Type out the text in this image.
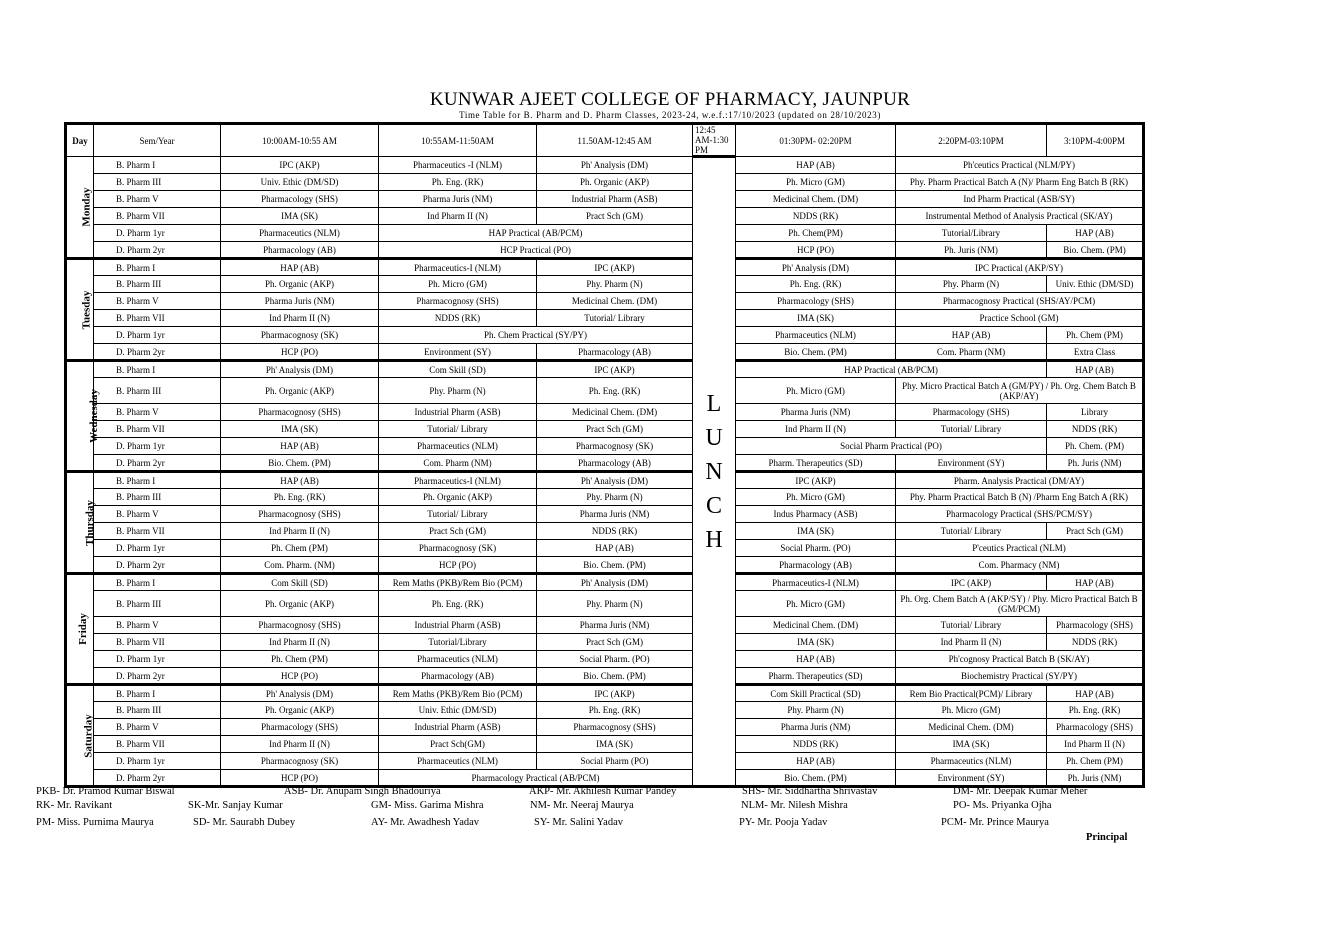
KUNWAR AJEET COLLEGE OF PHARMACY, JAUNPUR
Time Table for B. Pharm and D. Pharm Classes, 2023-24, w.e.f.:17/10/2023 (updated on 28/10/2023)
Day	Sem/Year	10:00AM-10:55 AM	10:55AM-11:50AM	11.50AM-12:45 AM	12:45 AM-1:30 PM	01:30PM- 02:20PM	2:20PM-03:10PM	3:10PM-4:00PM
Monday	B. Pharm I	IPC (AKP)	Pharmaceutics -I (NLM)	Ph' Analysis (DM)	LUNCH	HAP (AB)	Ph'ceutics Practical (NLM/PY)	
	B. Pharm III	Univ. Ethic (DM/SD)	Ph. Eng. (RK)	Ph. Organic (AKP)		Ph. Micro (GM)	Phy. Pharm Practical Batch A (N)/ Pharm Eng Batch B (RK)	
	B. Pharm V	Pharmacology (SHS)	Pharma Juris (NM)	Industrial Pharm (ASB)		Medicinal Chem. (DM)	Ind Pharm Practical (ASB/SY)	
	B. Pharm VII	IMA (SK)	Ind Pharm II (N)	Pract Sch (GM)		NDDS (RK)	Instrumental Method of Analysis Practical (SK/AY)	
	D. Pharm 1yr	Pharmaceutics (NLM)	HAP Practical (AB/PCM)			Ph. Chem(PM)	Tutorial/Library	HAP (AB)
	D. Pharm 2yr	Pharmacology (AB)	HCP Practical (PO)			HCP (PO)	Ph. Juris (NM)	Bio. Chem. (PM)
Tuesday	B. Pharm I	HAP (AB)	Pharmaceutics-I (NLM)	IPC (AKP)		Ph' Analysis (DM)	IPC Practical (AKP/SY)	
	B. Pharm III	Ph. Organic (AKP)	Ph. Micro (GM)	Phy. Pharm (N)		Ph. Eng. (RK)	Phy. Pharm (N)	Univ. Ethic (DM/SD)
	B. Pharm V	Pharma Juris (NM)	Pharmacognosy (SHS)	Medicinal Chem. (DM)		Pharmacology (SHS)	Pharmacognosy Practical (SHS/AY/PCM)	
	B. Pharm VII	Ind Pharm II (N)	NDDS (RK)	Tutorial/ Library		IMA (SK)	Practice School (GM)	
	D. Pharm 1yr	Pharmacognosy (SK)	Ph. Chem Practical (SY/PY)			Pharmaceutics (NLM)	HAP (AB)	Ph. Chem (PM)
	D. Pharm 2yr	HCP (PO)	Environment (SY)	Pharmacology (AB)		Bio. Chem. (PM)	Com. Pharm (NM)	Extra Class
Wednesday	B. Pharm I	Ph' Analysis (DM)	Com Skill (SD)	IPC (AKP)		HAP Practical (AB/PCM)		HAP (AB)
	B. Pharm III	Ph. Organic (AKP)	Phy. Pharm (N)	Ph. Eng. (RK)		Ph. Micro (GM)	Phy. Micro Practical Batch A (GM/PY) / Ph. Org. Chem Batch B (AKP/AY)	
	B. Pharm V	Pharmacognosy (SHS)	Industrial Pharm (ASB)	Medicinal Chem. (DM)		Pharma Juris (NM)	Pharmacology (SHS)	Library
	B. Pharm VII	IMA (SK)	Tutorial/ Library	Pract Sch (GM)		Ind Pharm II (N)	Tutorial/ Library	NDDS (RK)
	D. Pharm 1yr	HAP (AB)	Pharmaceutics (NLM)	Pharmacognosy (SK)		Social Pharm Practical (PO)		Ph. Chem. (PM)
	D. Pharm 2yr	Bio. Chem. (PM)	Com. Pharm (NM)	Pharmacology (AB)		Pharm. Therapeutics (SD)	Environment (SY)	Ph. Juris (NM)
Thursday	B. Pharm I	HAP (AB)	Pharmaceutics-I (NLM)	Ph' Analysis (DM)		IPC (AKP)	Pharm. Analysis Practical (DM/AY)	
	B. Pharm III	Ph. Eng. (RK)	Ph. Organic (AKP)	Phy. Pharm (N)		Ph. Micro (GM)	Phy. Pharm Practical Batch B (N) /Pharm Eng Batch A (RK)	
	B. Pharm V	Pharmacognosy (SHS)	Tutorial/ Library	Pharma Juris (NM)		Indus Pharmacy (ASB)	Pharmacology Practical (SHS/PCM/SY)	
	B. Pharm VII	Ind Pharm II (N)	Pract Sch (GM)	NDDS (RK)		IMA (SK)	Tutorial/ Library	Pract Sch (GM)
	D. Pharm 1yr	Ph. Chem (PM)	Pharmacognosy (SK)	HAP (AB)		Social Pharm. (PO)	P'ceutics Practical (NLM)	
	D. Pharm 2yr	Com. Pharm. (NM)	HCP (PO)	Bio. Chem. (PM)		Pharmacology (AB)	Com. Pharmacy (NM)	
Friday	B. Pharm I	Com Skill (SD)	Rem Maths (PKB)/Rem Bio (PCM)	Ph' Analysis (DM)		Pharmaceutics-I (NLM)	IPC (AKP)	HAP (AB)
	B. Pharm III	Ph. Organic (AKP)	Ph. Eng. (RK)	Phy. Pharm (N)		Ph. Micro (GM)	Ph. Org. Chem Batch A (AKP/SY) / Phy. Micro Practical Batch B (GM/PCM)	
	B. Pharm V	Pharmacognosy (SHS)	Industrial Pharm (ASB)	Pharma Juris (NM)		Medicinal Chem. (DM)	Tutorial/ Library	Pharmacology (SHS)
	B. Pharm VII	Ind Pharm II (N)	Tutorial/Library	Pract Sch (GM)		IMA (SK)	Ind Pharm II (N)	NDDS (RK)
	D. Pharm 1yr	Ph. Chem (PM)	Pharmaceutics (NLM)	Social Pharm. (PO)		HAP (AB)	Ph'cognosy Practical Batch B (SK/AY)	
	D. Pharm 2yr	HCP (PO)	Pharmacology (AB)	Bio. Chem. (PM)		Pharm. Therapeutics (SD)	Biochemistry Practical (SY/PY)	
Saturday	B. Pharm I	Ph' Analysis (DM)	Rem Maths (PKB)/Rem Bio (PCM)	IPC (AKP)		Com Skill Practical (SD)	Rem Bio Practical(PCM)/ Library	HAP (AB)
	B. Pharm III	Ph. Organic (AKP)	Univ. Ethic (DM/SD)	Ph. Eng. (RK)		Phy. Pharm (N)	Ph. Micro (GM)	Ph. Eng. (RK)
	B. Pharm V	Pharmacology (SHS)	Industrial Pharm (ASB)	Pharmacognosy (SHS)		Pharma Juris (NM)	Medicinal Chem. (DM)	Pharmacology (SHS)
	B. Pharm VII	Ind Pharm II (N)	Pract Sch(GM)	IMA (SK)		NDDS (RK)	IMA (SK)	Ind Pharm II (N)
	D. Pharm 1yr	Pharmacognosy (SK)	Pharmaceutics (NLM)	Social Pharm (PO)		HAP (AB)	Pharmaceutics (NLM)	Ph. Chem (PM)
	D. Pharm 2yr	HCP (PO)	Pharmacology Practical (AB/PCM)			Bio. Chem. (PM)	Environment (SY)	Ph. Juris (NM)
PKB- Dr. Pramod Kumar Biswal	ASB- Dr. Anupam Singh Bhadouriya	AKP- Mr. Akhilesh Kumar Pandey	SHS- Mr. Siddhartha Shrivastav	DM- Mr. Deepak Kumar Meher
RK- Mr. Ravikant	SK-Mr. Sanjay Kumar	GM- Miss. Garima Mishra	NM- Mr. Neeraj Maurya	NLM- Mr. Nilesh Mishra	PO- Ms. Priyanka Ojha
PM- Miss. Purnima Maurya	SD- Mr. Saurabh Dubey	AY- Mr. Awadhesh Yadav	SY- Mr. Salini Yadav	PY- Mr. Pooja Yadav	PCM- Mr. Prince Maurya
Principal
